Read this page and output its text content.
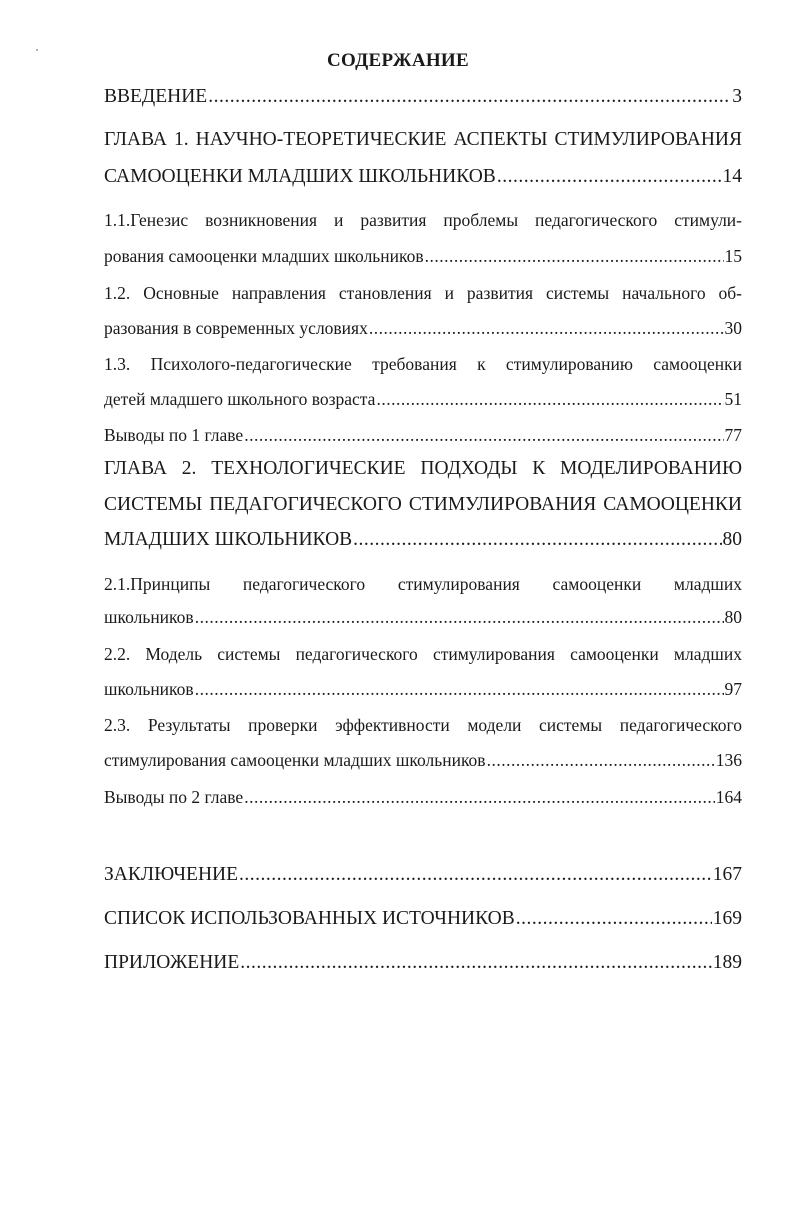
СОДЕРЖАНИЕ
ВВЕДЕНИЕ .....	3
ГЛАВА 1. НАУЧНО-ТЕОРЕТИЧЕСКИЕ АСПЕКТЫ СТИМУЛИРОВАНИЯ
САМООЦЕНКИ МЛАДШИХ ШКОЛЬНИКОВ .....	14
1.1.Генезис возникновения и развития проблемы педагогического стимули-
рования самооценки младших школьников .....	15
1.2. Основные направления становления и развития системы начального об-
разования в современных условиях .....	30
1.3. Психолого-педагогические требования к стимулированию самооценки
детей младшего школьного возраста .....	51
Выводы по 1 главе .....	77
ГЛАВА 2. ТЕХНОЛОГИЧЕСКИЕ ПОДХОДЫ К МОДЕЛИРОВАНИЮ
СИСТЕМЫ ПЕДАГОГИЧЕСКОГО СТИМУЛИРОВАНИЯ САМООЦЕНКИ
МЛАДШИХ ШКОЛЬНИКОВ .....	80
2.1.Принципы педагогического стимулирования самооценки младших
школьников .....	80
2.2. Модель системы педагогического стимулирования самооценки младших
школьников .....	97
2.3. Результаты проверки эффективности модели системы педагогического
стимулирования самооценки младших школьников .....	136
Выводы по 2 главе .....	164
ЗАКЛЮЧЕНИЕ .....	167
СПИСОК ИСПОЛЬЗОВАННЫХ ИСТОЧНИКОВ .....	169
ПРИЛОЖЕНИЕ .....	189
